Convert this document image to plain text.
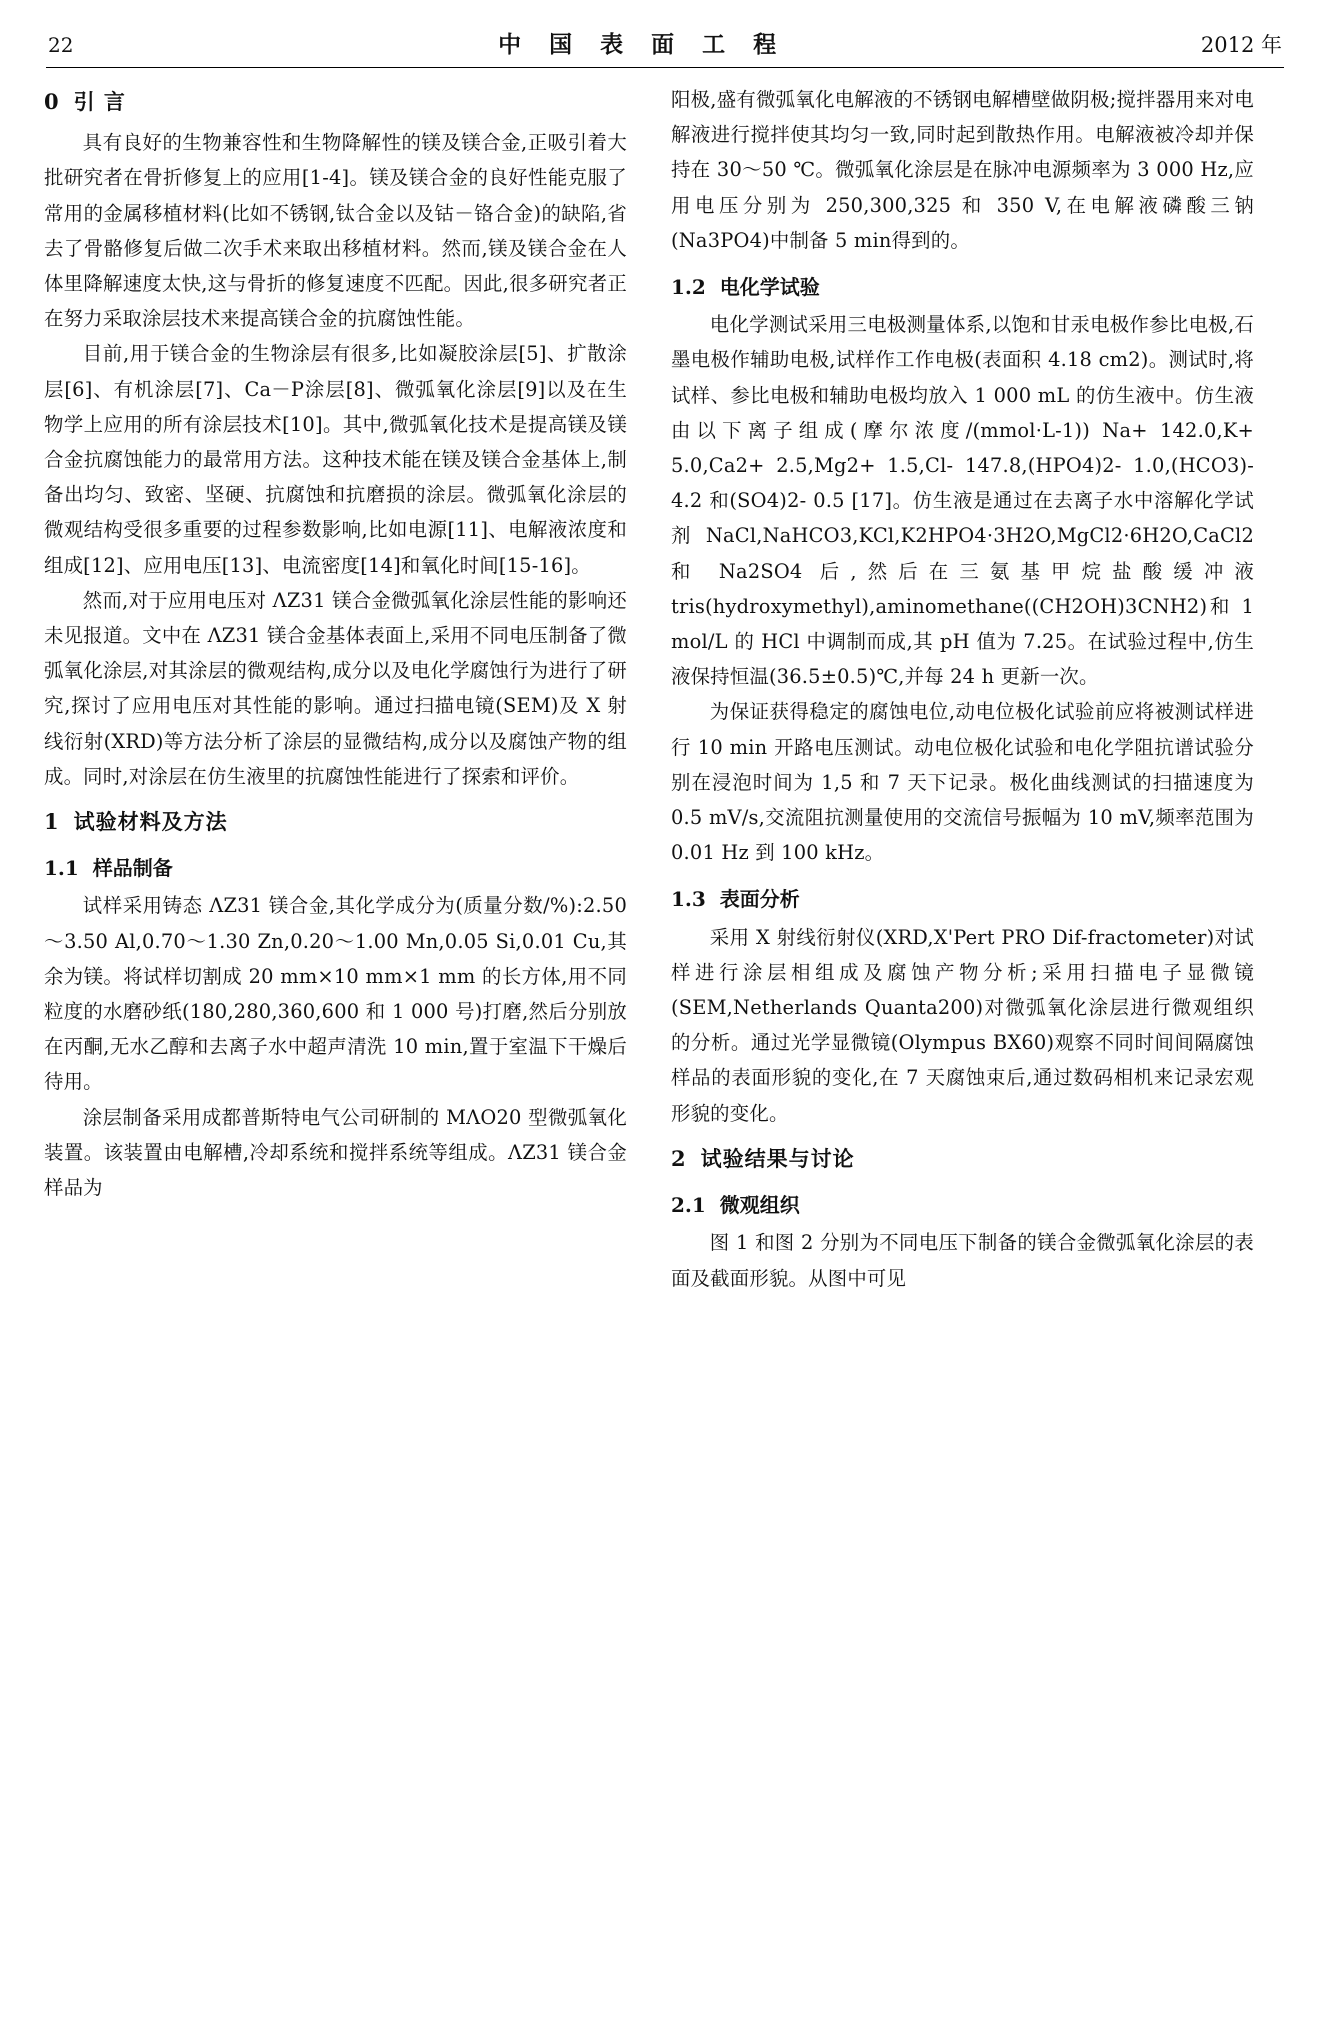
22	中 国 表 面 工 程	2012 年
0 引 言

具有良好的生物兼容性和生物降解性的镁及镁合金,正吸引着大批研究者在骨折修复上的应用[1-4]。镁及镁合金的良好性能克服了常用的金属移植材料(比如不锈钢,钛合金以及钴－铬合金)的缺陷,省去了骨骼修复后做二次手术来取出移植材料。然而,镁及镁合金在人体里降解速度太快,这与骨折的修复速度不匹配。因此,很多研究者正在努力采取涂层技术来提高镁合金的抗腐蚀性能。

目前,用于镁合金的生物涂层有很多,比如凝胶涂层[5]、扩散涂层[6]、有机涂层[7]、Ca－P涂层[8]、微弧氧化涂层[9]以及在生物学上应用的所有涂层技术[10]。其中,微弧氧化技术是提高镁及镁合金抗腐蚀能力的最常用方法。这种技术能在镁及镁合金基体上,制备出均匀、致密、坚硬、抗腐蚀和抗磨损的涂层。微弧氧化涂层的微观结构受很多重要的过程参数影响,比如电源[11]、电解液浓度和组成[12]、应用电压[13]、电流密度[14]和氧化时间[15-16]。

然而,对于应用电压对 ΛZ31 镁合金微弧氧化涂层性能的影响还未见报道。文中在 ΛZ31 镁合金基体表面上,采用不同电压制备了微弧氧化涂层,对其涂层的微观结构,成分以及电化学腐蚀行为进行了研究,探讨了应用电压对其性能的影响。通过扫描电镜(SEM)及 X 射线衍射(XRD)等方法分析了涂层的显微结构,成分以及腐蚀产物的组成。同时,对涂层在仿生液里的抗腐蚀性能进行了探索和评价。

1 试验材料及方法
1.1 样品制备

试样采用铸态 ΛZ31 镁合金,其化学成分为(质量分数/%):2.50～3.50 Al,0.70～1.30 Zn,0.20～1.00 Mn,0.05 Si,0.01 Cu,其余为镁。将试样切割成 20 mm×10 mm×1 mm 的长方体,用不同粒度的水磨砂纸(180,280,360,600 和 1 000 号)打磨,然后分别放在丙酮,无水乙醇和去离子水中超声清洗 10 min,置于室温下干燥后待用。

涂层制备采用成都普斯特电气公司研制的 MΛO20 型微弧氧化装置。该装置由电解槽,冷却系统和搅拌系统等组成。ΛZ31 镁合金样品为

阳极,盛有微弧氧化电解液的不锈钢电解槽壁做阴极;搅拌器用来对电解液进行搅拌使其均匀一致,同时起到散热作用。电解液被冷却并保持在 30～50 ℃。微弧氧化涂层是在脉冲电源频率为 3 000 Hz,应用电压分别为 250,300,325 和 350 V,在电解液磷酸三钠(Na3PO4)中制备 5 min得到的。

1.2 电化学试验

电化学测试采用三电极测量体系,以饱和甘汞电极作参比电极,石墨电极作辅助电极,试样作工作电极(表面积 4.18 cm2)。测试时,将试样、参比电极和辅助电极均放入 1 000 mL 的仿生液中。仿生液由以下离子组成(摩尔浓度/(mmol·L-1)) Na+ 142.0,K+ 5.0,Ca2+ 2.5,Mg2+ 1.5,Cl- 147.8,(HPO4)2- 1.0,(HCO3)- 4.2 和(SO4)2- 0.5 [17]。仿生液是通过在去离子水中溶解化学试剂 NaCl,NaHCO3,KCl,K2HPO4·3H2O,MgCl2·6H2O,CaCl2和 Na2SO4 后,然后在三氨基甲烷盐酸缓冲液 tris(hydroxymethyl),aminomethane((CH2OH)3CNH2)和 1 mol/L 的 HCl 中调制而成,其 pH 值为 7.25。在试验过程中,仿生液保持恒温(36.5±0.5)℃,并每 24 h 更新一次。

为保证获得稳定的腐蚀电位,动电位极化试验前应将被测试样进行 10 min 开路电压测试。动电位极化试验和电化学阻抗谱试验分别在浸泡时间为 1,5 和 7 天下记录。极化曲线测试的扫描速度为 0.5 mV/s,交流阻抗测量使用的交流信号振幅为 10 mV,频率范围为 0.01 Hz 到 100 kHz。

1.3 表面分析

采用 X 射线衍射仪(XRD,X'Pert PRO Dif-fractometer)对试样进行涂层相组成及腐蚀产物分析;采用扫描电子显微镜(SEM,Netherlands Quanta200)对微弧氧化涂层进行微观组织的分析。通过光学显微镜(Olympus BX60)观察不同时间间隔腐蚀样品的表面形貌的变化,在 7 天腐蚀束后,通过数码相机来记录宏观形貌的变化。

2 试验结果与讨论
2.1 微观组织

图 1 和图 2 分别为不同电压下制备的镁合金微弧氧化涂层的表面及截面形貌。从图中可见
